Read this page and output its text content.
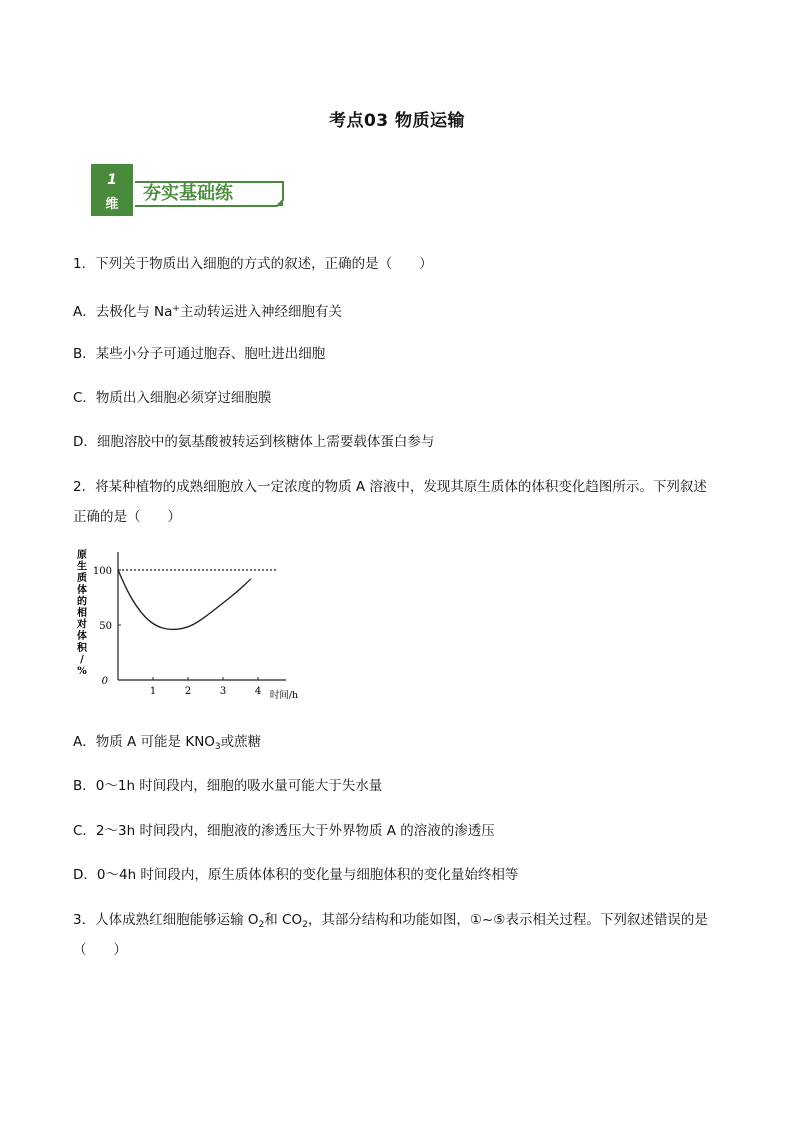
考点03 物质运输
1
维
夯实基础练
1．下列关于物质出入细胞的方式的叙述，正确的是（　　）
A．去极化与 Na+主动转运进入神经细胞有关
B．某些小分子可通过胞吞、胞吐进出细胞
C．物质出入细胞必须穿过细胞膜
D．细胞溶胶中的氨基酸被转运到核糖体上需要载体蛋白参与
2．将某种植物的成熟细胞放入一定浓度的物质 A 溶液中，发现其原生质体的体积变化趋图所示。下列叙述
正确的是（　　）
原
生
质
体
的
相
对
体
积
/
%
100
50
0
1	2	3	4 时间/h
A．物质 A 可能是 $KNO_3$或蔗糖
B．0～1h 时间段内，细胞的吸水量可能大于失水量
C．2～3h 时间段内，细胞液的渗透压大于外界物质 A 的溶液的渗透压
D．0～4h 时间段内，原生质体体积的变化量与细胞体积的变化量始终相等
3．人体成熟红细胞能够运输 $O_2$和 $CO_2$，其部分结构和功能如图，①~⑤表示相关过程。下列叙述错误的是
（　　）
